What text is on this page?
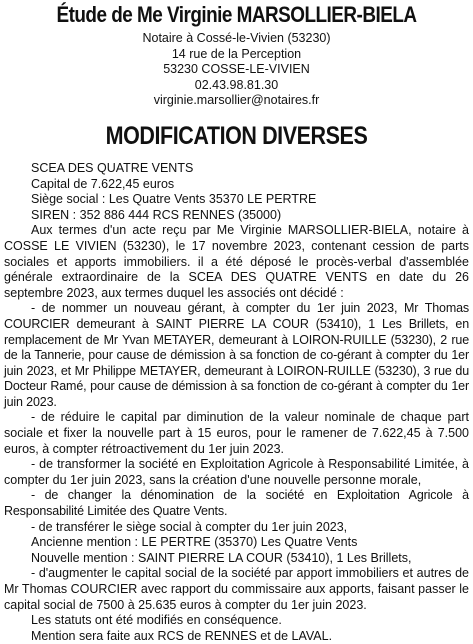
Étude de Me Virginie MARSOLLIER-BIELA
Notaire à Cossé-le-Vivien (53230)
14 rue de la Perception
53230 COSSE-LE-VIVIEN
02.43.98.81.30
virginie.marsollier@notaires.fr
MODIFICATION DIVERSES
SCEA DES QUATRE VENTS
Capital de 7.622,45 euros
Siège social : Les Quatre Vents 35370 LE PERTRE
SIREN : 352 886 444 RCS RENNES (35000)

Aux termes d'un acte reçu par Me Virginie MARSOLLIER-BIELA, notaire à COSSE LE VIVIEN (53230), le 17 novembre 2023, contenant cession de parts sociales et apports immobiliers. il a été déposé le procès-verbal d'assemblée générale extraordinaire de la SCEA DES QUATRE VENTS en date du 26 septembre 2023, aux termes duquel les associés ont décidé :

- de nommer un nouveau gérant, à compter du 1er juin 2023, Mr Thomas COURCIER demeurant à SAINT PIERRE LA COUR (53410), 1 Les Brillets, en remplacement de Mr Yvan METAYER, demeurant à LOIRON-RUILLE (53230), 2 rue de la Tannerie, pour cause de démission à sa fonction de co-gérant à compter du 1er juin 2023, et Mr Philippe METAYER, demeurant à LOIRON-RUILLE (53230), 3 rue du Docteur Ramé, pour cause de démission à sa fonction de co-gérant à compter du 1er juin 2023.

- de réduire le capital par diminution de la valeur nominale de chaque part sociale et fixer la nouvelle part à 15 euros, pour le ramener de 7.622,45 à 7.500 euros, à compter rétroactivement du 1er juin 2023.

- de transformer la société en Exploitation Agricole à Responsabilité Limitée, à compter du 1er juin 2023, sans la création d'une nouvelle personne morale,

- de changer la dénomination de la société en Exploitation Agricole à Responsabilité Limitée des Quatre Vents.

- de transférer le siège social à compter du 1er juin 2023,

Ancienne mention : LE PERTRE (35370) Les Quatre Vents

Nouvelle mention : SAINT PIERRE LA COUR (53410), 1 Les Brillets,

- d'augmenter le capital social de la société par apport immobiliers et autres de Mr Thomas COURCIER avec rapport du commissaire aux apports, faisant passer le capital social de 7500 à 25.635 euros à compter du 1er juin 2023.

Les statuts ont été modifiés en conséquence.

Mention sera faite aux RCS de RENNES et de LAVAL.
